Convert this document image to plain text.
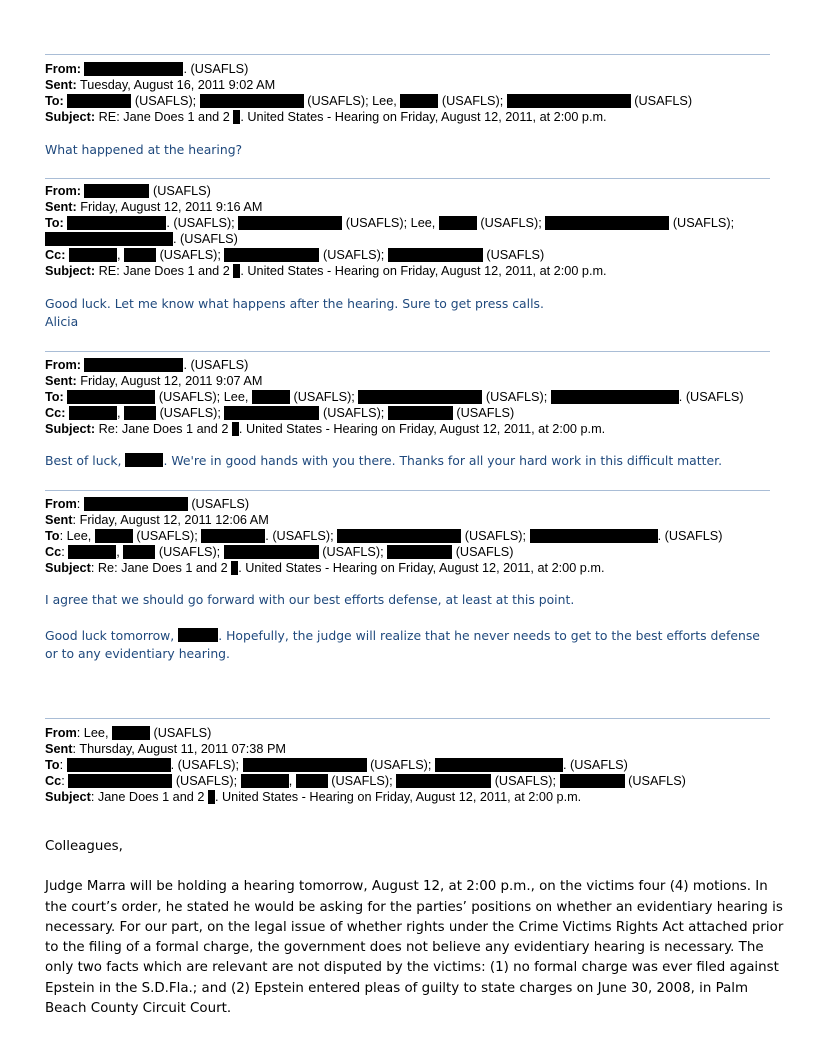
From:	. (USAFLS)
Sent: Tuesday, August 16, 2011 9:02 AM
To:	(USAFLS);	(USAFLS); Lee,	(USAFLS);	(USAFLS)
Subject: RE: Jane Does 1 and 2 . United States - Hearing on Friday, August 12, 2011, at 2:00 p.m.
What happened at the hearing?
From:	(USAFLS)
Sent: Friday, August 12, 2011 9:16 AM
To:	. (USAFLS);	(USAFLS); Lee,	(USAFLS);	(USAFLS);
. (USAFLS)
Cc:	,	(USAFLS);	(USAFLS);	(USAFLS)
Subject: RE: Jane Does 1 and 2 . United States - Hearing on Friday, August 12, 2011, at 2:00 p.m.
Good luck. Let me know what happens after the hearing. Sure to get press calls.
Alicia
From:	. (USAFLS)
Sent: Friday, August 12, 2011 9:07 AM
To:	(USAFLS); Lee,	(USAFLS);	(USAFLS);	. (USAFLS)
Cc:	,	(USAFLS);	(USAFLS);	(USAFLS)
Subject: Re: Jane Does 1 and 2 . United States - Hearing on Friday, August 12, 2011, at 2:00 p.m.
Best of luck,	. We're in good hands with you there. Thanks for all your hard work in this difficult matter.
From:	(USAFLS)
Sent: Friday, August 12, 2011 12:06 AM
To: Lee,	(USAFLS);	. (USAFLS);	(USAFLS);	. (USAFLS)
Cc:	,	(USAFLS);	(USAFLS);	(USAFLS)
Subject: Re: Jane Does 1 and 2 . United States - Hearing on Friday, August 12, 2011, at 2:00 p.m.
I agree that we should go forward with our best efforts defense, at least at this point.
Good luck tomorrow,	. Hopefully, the judge will realize that he never needs to get to the best efforts defense or to any evidentiary hearing.
From: Lee,	(USAFLS)
Sent: Thursday, August 11, 2011 07:38 PM
To:	. (USAFLS);	(USAFLS);	. (USAFLS)
Cc:	(USAFLS);	,	(USAFLS);	(USAFLS);	(USAFLS)
Subject: Jane Does 1 and 2 . United States - Hearing on Friday, August 12, 2011, at 2:00 p.m.
Colleagues,
Judge Marra will be holding a hearing tomorrow, August 12, at 2:00 p.m., on the victims four (4) motions. In the court’s order, he stated he would be asking for the parties’ positions on whether an evidentiary hearing is necessary. For our part, on the legal issue of whether rights under the Crime Victims Rights Act attached prior to the filing of a formal charge, the government does not believe any evidentiary hearing is necessary. The only two facts which are relevant are not disputed by the victims: (1) no formal charge was ever filed against Epstein in the S.D.Fla.; and (2) Epstein entered pleas of guilty to state charges on June 30, 2008, in Palm Beach County Circuit Court.
